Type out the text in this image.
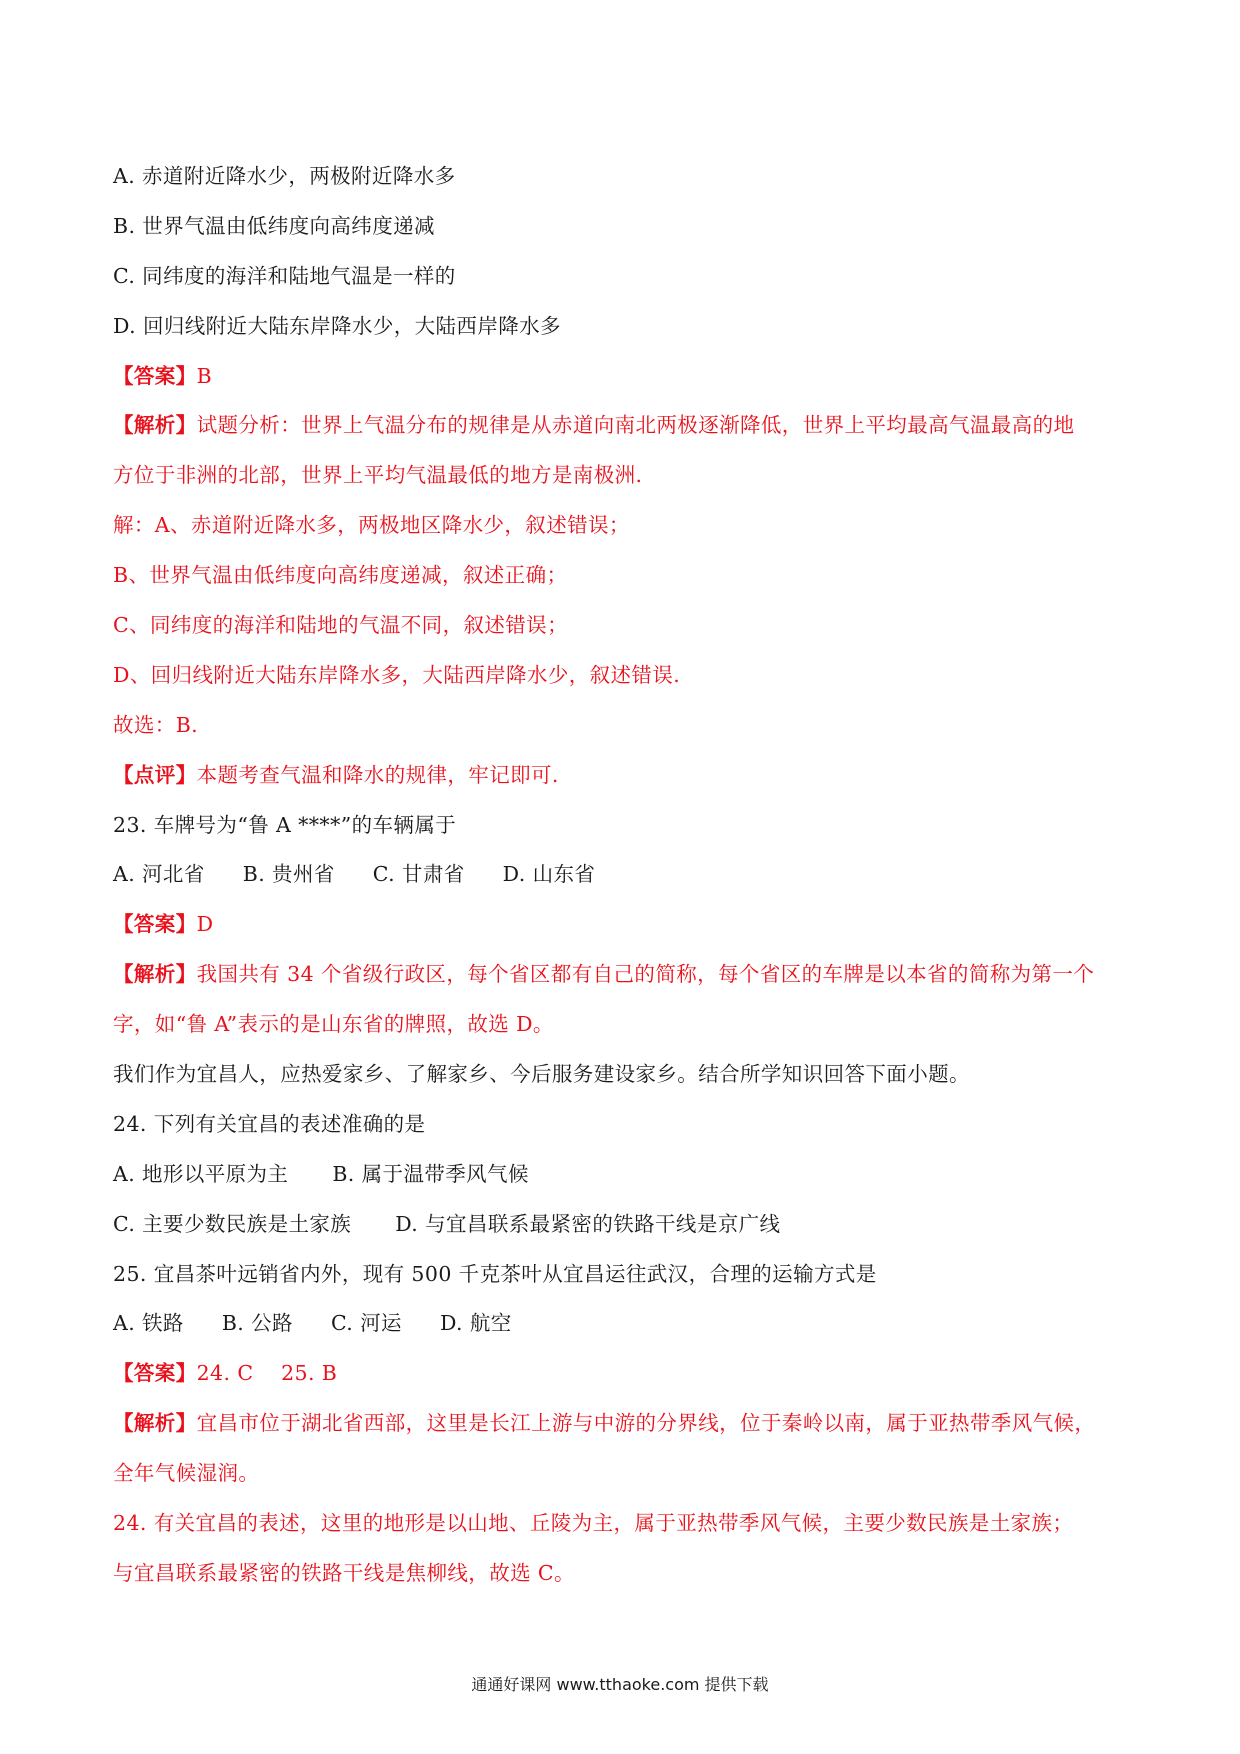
A. 赤道附近降水少，两极附近降水多
B. 世界气温由低纬度向高纬度递减
C. 同纬度的海洋和陆地气温是一样的
D. 回归线附近大陆东岸降水少，大陆西岸降水多
【答案】B
【解析】试题分析：世界上气温分布的规律是从赤道向南北两极逐渐降低，世界上平均最高气温最高的地
方位于非洲的北部，世界上平均气温最低的地方是南极洲.
解：A、赤道附近降水多，两极地区降水少，叙述错误；
B、世界气温由低纬度向高纬度递减，叙述正确；
C、同纬度的海洋和陆地的气温不同，叙述错误；
D、回归线附近大陆东岸降水多，大陆西岸降水少，叙述错误.
故选：B.
【点评】本题考查气温和降水的规律，牢记即可.
23. 车牌号为“鲁 A ****”的车辆属于
A. 河北省 B. 贵州省 C. 甘肃省 D. 山东省
【答案】D
【解析】我国共有 34 个省级行政区，每个省区都有自己的简称，每个省区的车牌是以本省的简称为第一个
字，如“鲁 A”表示的是山东省的牌照，故选 D。
我们作为宜昌人，应热爱家乡、了解家乡、今后服务建设家乡。结合所学知识回答下面小题。
24. 下列有关宜昌的表述准确的是
A. 地形以平原为主 B. 属于温带季风气候
C. 主要少数民族是土家族 D. 与宜昌联系最紧密的铁路干线是京广线
25. 宜昌茶叶远销省内外，现有 500 千克茶叶从宜昌运往武汉，合理的运输方式是
A. 铁路 B. 公路 C. 河运 D. 航空
【答案】24. C    25. B
【解析】宜昌市位于湖北省西部，这里是长江上游与中游的分界线，位于秦岭以南，属于亚热带季风气候，
全年气候湿润。
24. 有关宜昌的表述，这里的地形是以山地、丘陵为主，属于亚热带季风气候，主要少数民族是土家族；
与宜昌联系最紧密的铁路干线是焦柳线，故选 C。
通通好课网 www.tthaoke.com 提供下载
